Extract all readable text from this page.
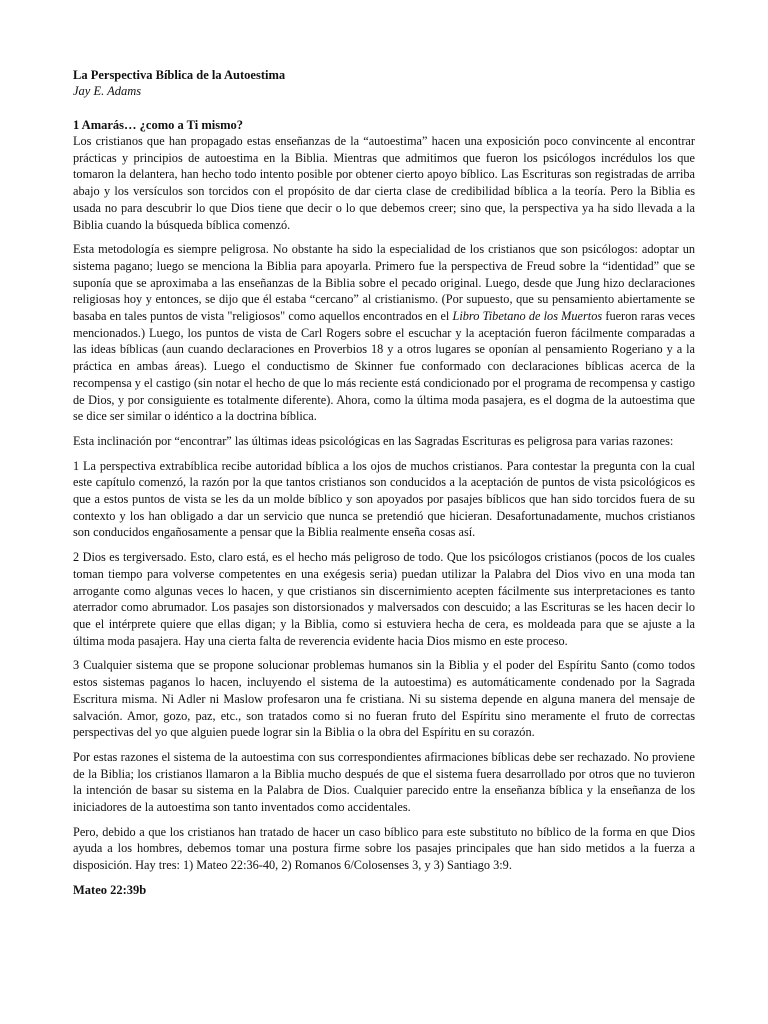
La Perspectiva Bíblica de la Autoestima
Jay E. Adams
1 Amarás… ¿como a Ti mismo?

Los cristianos que han propagado estas enseñanzas de la “autoestima” hacen una exposición poco convincente al encontrar prácticas y principios de autoestima en la Biblia. Mientras que admitimos que fueron los psicólogos incrédulos los que tomaron la delantera, han hecho todo intento posible por obtener cierto apoyo bíblico. Las Escrituras son registradas de arriba abajo y los versículos son torcidos con el propósito de dar cierta clase de credibilidad bíblica a la teoría. Pero la Biblia es usada no para descubrir lo que Dios tiene que decir o lo que debemos creer; sino que, la perspectiva ya ha sido llevada a la Biblia cuando la búsqueda bíblica comenzó.

Esta metodología es siempre peligrosa. No obstante ha sido la especialidad de los cristianos que son psicólogos: adoptar un sistema pagano; luego se menciona la Biblia para apoyarla. Primero fue la perspectiva de Freud sobre la “identidad” que se suponía que se aproximaba a las enseñanzas de la Biblia sobre el pecado original. Luego, desde que Jung hizo declaraciones religiosas hoy y entonces, se dijo que él estaba “cercano” al cristianismo. (Por supuesto, que su pensamiento abiertamente se basaba en tales puntos de vista "religiosos" como aquellos encontrados en el Libro Tibetano de los Muertos fueron raras veces mencionados.) Luego, los puntos de vista de Carl Rogers sobre el escuchar y la aceptación fueron fácilmente comparadas a las ideas bíblicas (aun cuando declaraciones en Proverbios 18 y a otros lugares se oponían al pensamiento Rogeriano y a la práctica en ambas áreas). Luego el conductismo de Skinner fue conformado con declaraciones bíblicas acerca de la recompensa y el castigo (sin notar el hecho de que lo más reciente está condicionado por el programa de recompensa y castigo de Dios, y por consiguiente es totalmente diferente). Ahora, como la última moda pasajera, es el dogma de la autoestima que se dice ser similar o idéntico a la doctrina bíblica.

Esta inclinación por “encontrar” las últimas ideas psicológicas en las Sagradas Escrituras es peligrosa para varias razones:

1 La perspectiva extrabíblica recibe autoridad bíblica a los ojos de muchos cristianos. Para contestar la pregunta con la cual este capítulo comenzó, la razón por la que tantos cristianos son conducidos a la aceptación de puntos de vista psicológicos es que a estos puntos de vista se les da un molde bíblico y son apoyados por pasajes bíblicos que han sido torcidos fuera de su contexto y los han obligado a dar un servicio que nunca se pretendió que hicieran. Desafortunadamente, muchos cristianos son conducidos engañosamente a pensar que la Biblia realmente enseña cosas así.

2 Dios es tergiversado. Esto, claro está, es el hecho más peligroso de todo. Que los psicólogos cristianos (pocos de los cuales toman tiempo para volverse competentes en una exégesis seria) puedan utilizar la Palabra del Dios vivo en una moda tan arrogante como algunas veces lo hacen, y que cristianos sin discernimiento acepten fácilmente sus interpretaciones es tanto aterrador como abrumador. Los pasajes son distorsionados y malversados con descuido; a las Escrituras se les hacen decir lo que el intérprete quiere que ellas digan; y la Biblia, como si estuviera hecha de cera, es moldeada para que se ajuste a la última moda pasajera. Hay una cierta falta de reverencia evidente hacia Dios mismo en este proceso.

3 Cualquier sistema que se propone solucionar problemas humanos sin la Biblia y el poder del Espíritu Santo (como todos estos sistemas paganos lo hacen, incluyendo el sistema de la autoestima) es automáticamente condenado por la Sagrada Escritura misma. Ni Adler ni Maslow profesaron una fe cristiana. Ni su sistema depende en alguna manera del mensaje de salvación. Amor, gozo, paz, etc., son tratados como si no fueran fruto del Espíritu sino meramente el fruto de correctas perspectivas del yo que alguien puede lograr sin la Biblia o la obra del Espíritu en su corazón.

Por estas razones el sistema de la autoestima con sus correspondientes afirmaciones bíblicas debe ser rechazado. No proviene de la Biblia; los cristianos llamaron a la Biblia mucho después de que el sistema fuera desarrollado por otros que no tuvieron la intención de basar su sistema en la Palabra de Dios. Cualquier parecido entre la enseñanza bíblica y la enseñanza de los iniciadores de la autoestima son tanto inventados como accidentales.

Pero, debido a que los cristianos han tratado de hacer un caso bíblico para este substituto no bíblico de la forma en que Dios ayuda a los hombres, debemos tomar una postura firme sobre los pasajes principales que han sido metidos a la fuerza a disposición. Hay tres: 1) Mateo 22:36-40, 2) Romanos 6/Colosenses 3, y 3) Santiago 3:9.

Mateo 22:39b
